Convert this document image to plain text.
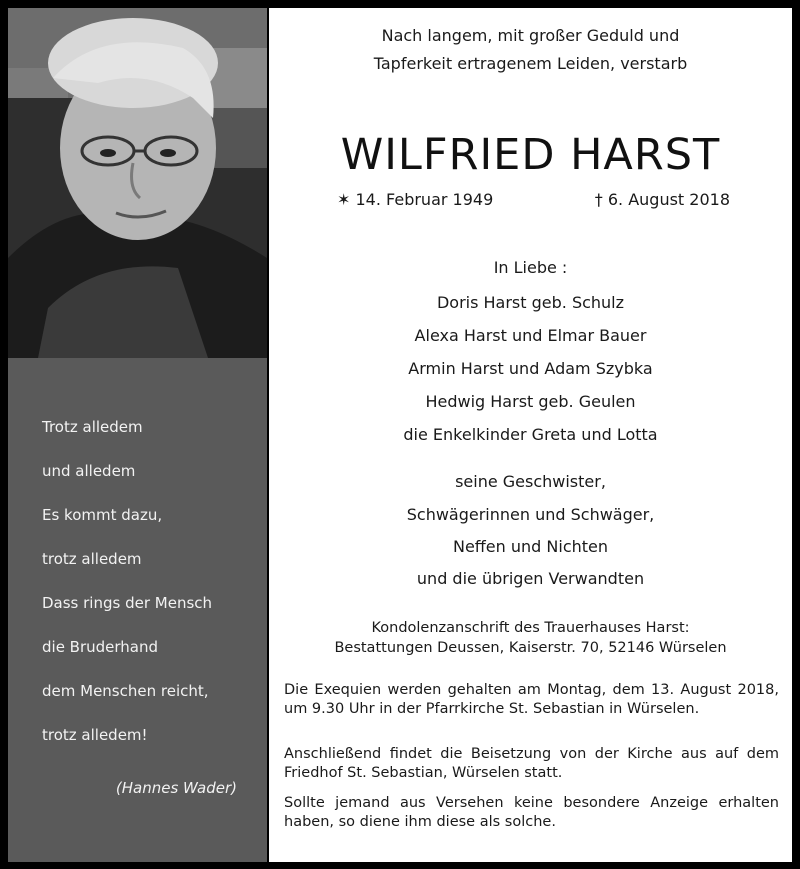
Trotz alledem
und alledem
Es kommt dazu,
trotz alledem
Dass rings der Mensch
die Bruderhand
dem Menschen reicht,
trotz alledem!
(Hannes Wader)
Nach langem, mit großer Geduld und
Tapferkeit ertragenem Leiden, verstarb
WILFRIED HARST
✶ 14. Februar 1949	† 6. August 2018
In Liebe :
Doris Harst geb. Schulz
Alexa Harst und Elmar Bauer
Armin Harst und Adam Szybka
Hedwig Harst geb. Geulen
die Enkelkinder Greta und Lotta
seine Geschwister,
Schwägerinnen und Schwäger,
Neffen und Nichten
und die übrigen Verwandten
Kondolenzanschrift des Trauerhauses Harst:
Bestattungen Deussen, Kaiserstr. 70, 52146 Würselen
Die Exequien werden gehalten am Montag, dem 13. August 2018, um 9.30 Uhr in der Pfarrkirche St. Sebastian in Würselen.
Anschließend findet die Beisetzung von der Kirche aus auf dem Friedhof St. Sebastian, Würselen statt.
Sollte jemand aus Versehen keine besondere Anzeige erhalten haben, so diene ihm diese als solche.
